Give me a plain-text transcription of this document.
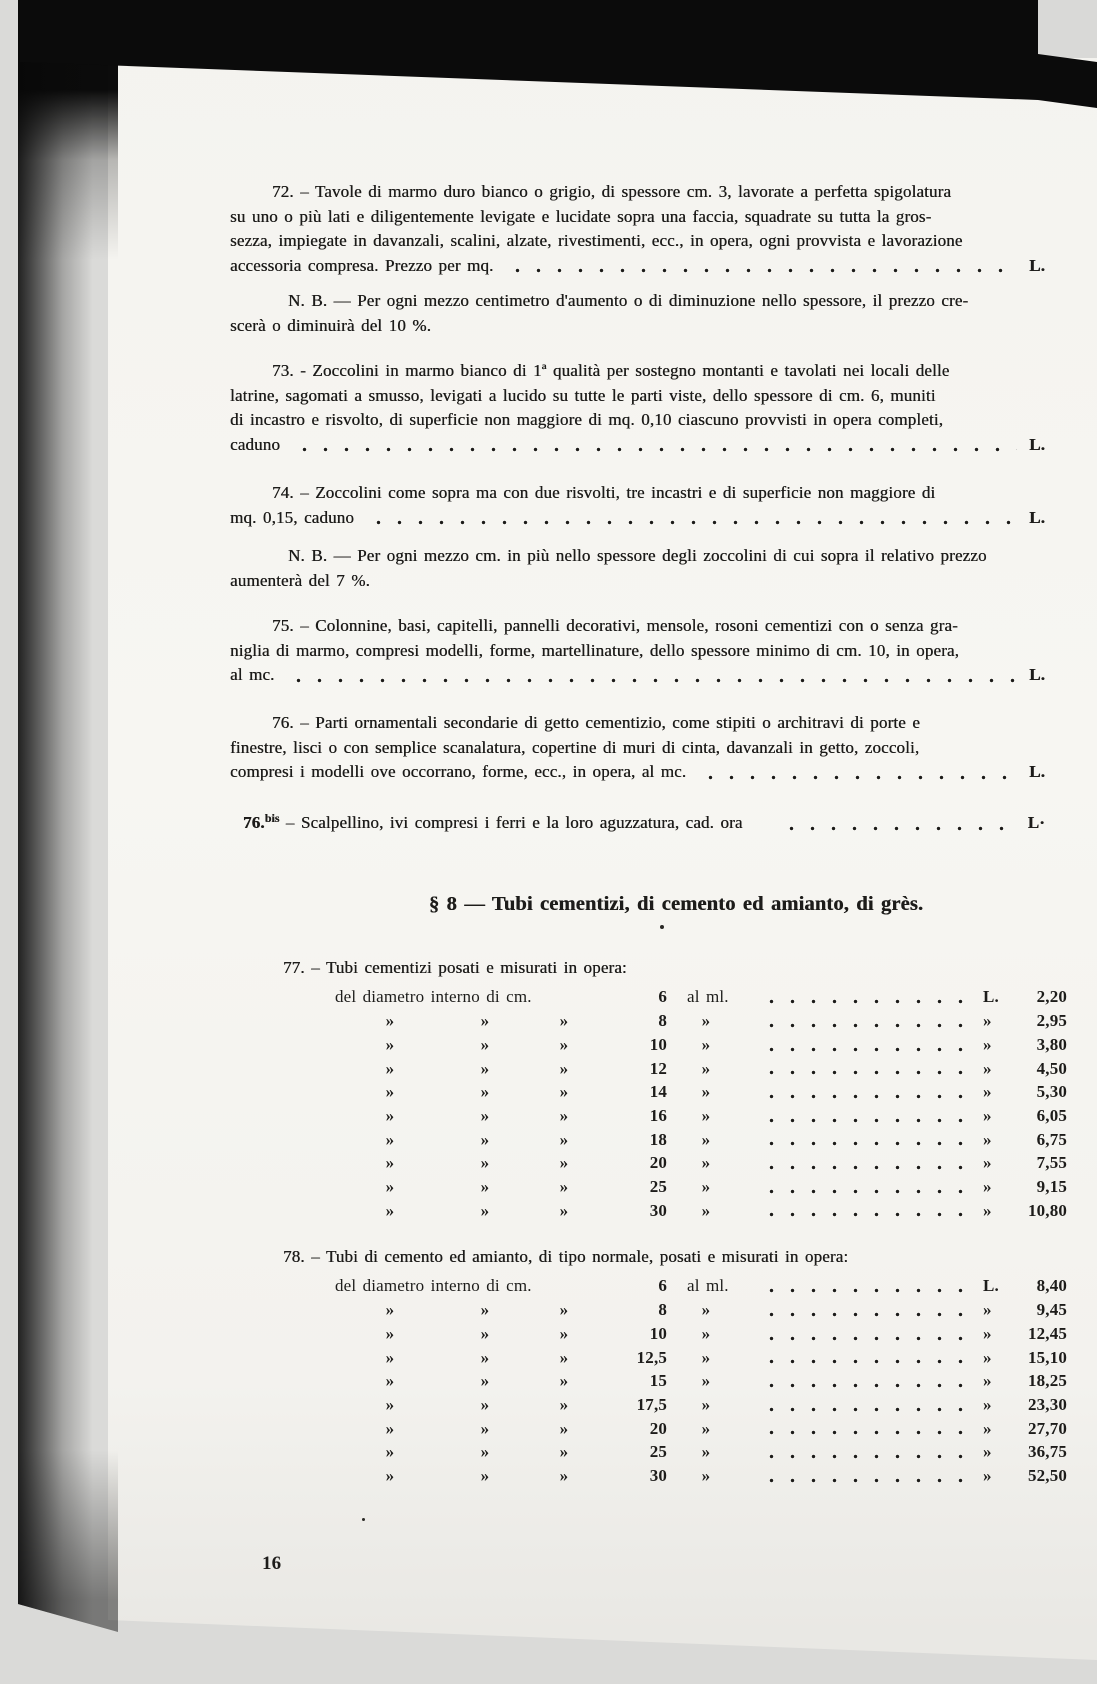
72. – Tavole di marmo duro bianco o grigio, di spessore cm. 3, lavorate a perfetta spigolatura
su uno o più lati e diligentemente levigate e lucidate sopra una faccia, squadrate su tutta la gros-
sezza, impiegate in davanzali, scalini, alzate, rivestimenti, ecc., in opera, ogni provvista e lavorazione
accessoria compresa. Prezzo per mq.	L.
N. B. — Per ogni mezzo centimetro d'aumento o di diminuzione nello spessore, il prezzo cre-
scerà o diminuirà del 10 %.
73. - Zoccolini in marmo bianco di 1ª qualità per sostegno montanti e tavolati nei locali delle
latrine, sagomati a smusso, levigati a lucido su tutte le parti viste, dello spessore di cm. 6, muniti
di incastro e risvolto, di superficie non maggiore di mq. 0,10 ciascuno provvisti in opera completi,
caduno	L.
74. – Zoccolini come sopra ma con due risvolti, tre incastri e di superficie non maggiore di
mq. 0,15, caduno	L.
N. B. — Per ogni mezzo cm. in più nello spessore degli zoccolini di cui sopra il relativo prezzo
aumenterà del 7 %.
75. – Colonnine, basi, capitelli, pannelli decorativi, mensole, rosoni cementizi con o senza gra-
niglia di marmo, compresi modelli, forme, martellinature, dello spessore minimo di cm. 10, in opera,
al mc.	L.
76. – Parti ornamentali secondarie di getto cementizio, come stipiti o architravi di porte e
finestre, lisci o con semplice scanalatura, copertine di muri di cinta, davanzali in getto, zoccoli,
compresi i modelli ove occorrano, forme, ecc., in opera, al mc.	L.
76.$^{bis}$ – Scalpellino, ivi compresi i ferri e la loro aguzzatura, cad. ora	L·
§ 8 — Tubi cementizi, di cemento ed amianto, di grès.
77. – Tubi cementizi posati e misurati in opera:
del diametro interno di cm.	6	al ml.	L.	2,20
»	»	»	8	»	»	2,95
»	»	»	10	»	»	3,80
»	»	»	12	»	»	4,50
»	»	»	14	»	»	5,30
»	»	»	16	»	»	6,05
»	»	»	18	»	»	6,75
»	»	»	20	»	»	7,55
»	»	»	25	»	»	9,15
»	»	»	30	»	»	10,80
78. – Tubi di cemento ed amianto, di tipo normale, posati e misurati in opera:
del diametro interno di cm.	6	al ml.	L.	8,40
»	»	»	8	»	»	9,45
»	»	»	10	»	»	12,45
»	»	»	12,5	»	»	15,10
»	»	»	15	»	»	18,25
»	»	»	17,5	»	»	23,30
»	»	»	20	»	»	27,70
»	»	»	25	»	»	36,75
»	»	»	30	»	»	52,50
16
